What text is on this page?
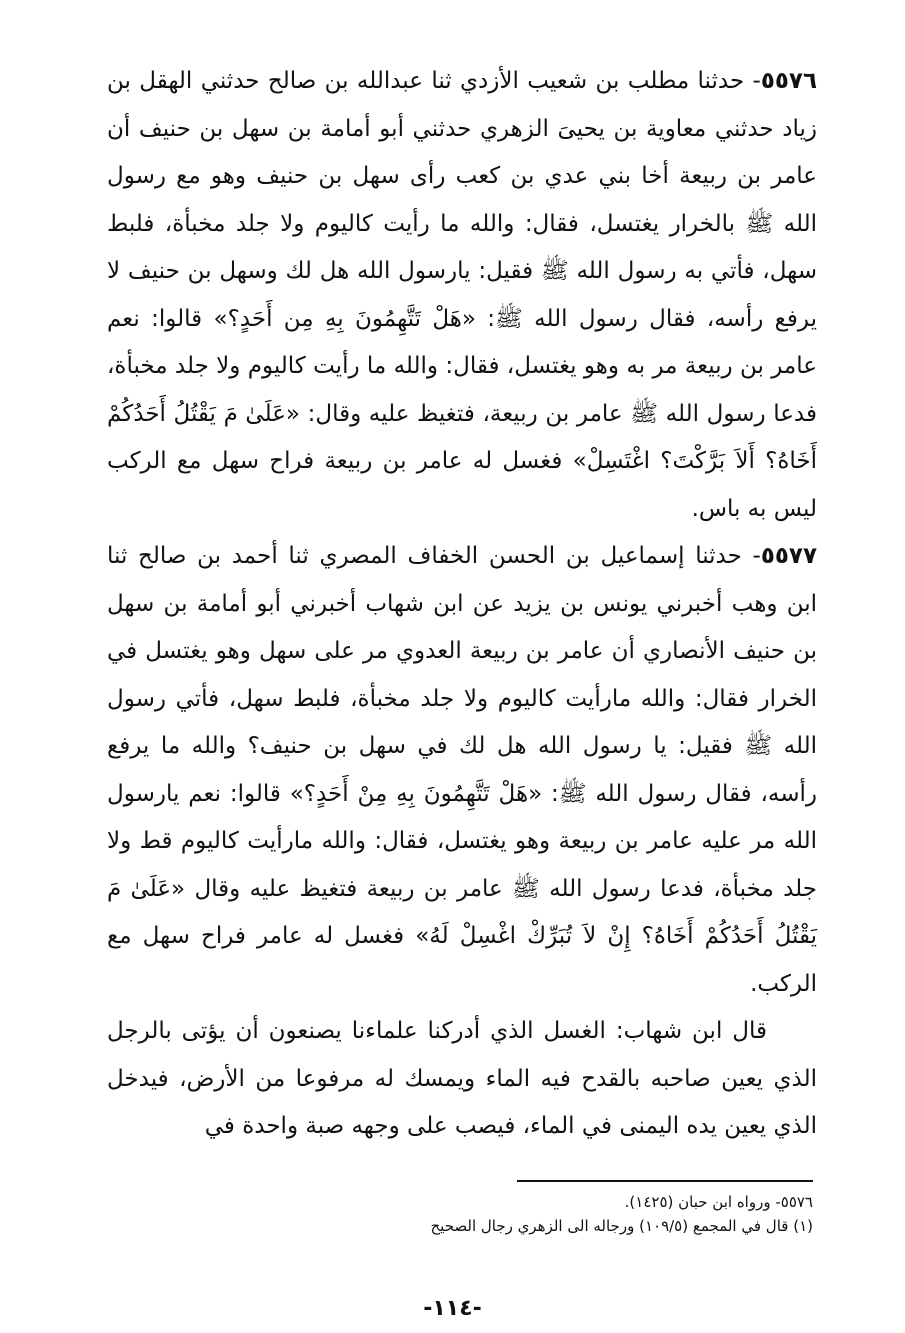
٥٥٧٦- حدثنا مطلب بن شعيب الأزدي ثنا عبدالله بن صالح حدثني الهقل بن زياد حدثني معاوية بن يحيىَ الزهري حدثني أبو أمامة بن سهل بن حنيف أن عامر بن ربيعة أخا بني عدي بن كعب رأى سهل بن حنيف وهو مع رسول الله ﷺ بالخرار يغتسل، فقال: والله ما رأيت كاليوم ولا جلد مخبأة، فلبط سهل، فأتي به رسول الله ﷺ فقيل: يارسول الله هل لك وسهل بن حنيف لا يرفع رأسه، فقال رسول الله ﷺ: «هَلْ تَتَّهِمُونَ بِهِ مِن أَحَدٍ؟» قالوا: نعم عامر بن ربيعة مر به وهو يغتسل، فقال: والله ما رأيت كاليوم ولا جلد مخبأة، فدعا رسول الله ﷺ عامر بن ربيعة، فتغيظ عليه وقال: «عَلَىٰ مَ يَقْتُلُ أَحَدُكُمْ أَخَاهُ؟ أَلاَ بَرَّكْتَ؟ اغْتَسِلْ» فغسل له عامر بن ربيعة فراح سهل مع الركب ليس به باس.

٥٥٧٧- حدثنا إسماعيل بن الحسن الخفاف المصري ثنا أحمد بن صالح ثنا ابن وهب أخبرني يونس بن يزيد عن ابن شهاب أخبرني أبو أمامة بن سهل بن حنيف الأنصاري أن عامر بن ربيعة العدوي مر على سهل وهو يغتسل في الخرار فقال: والله مارأيت كاليوم ولا جلد مخبأة، فلبط سهل، فأتي رسول الله ﷺ فقيل: يا رسول الله هل لك في سهل بن حنيف؟ والله ما يرفع رأسه، فقال رسول الله ﷺ: «هَلْ تَتَّهِمُونَ بِهِ مِنْ أَحَدٍ؟» قالوا: نعم يارسول الله مر عليه عامر بن ربيعة وهو يغتسل، فقال: والله مارأيت كاليوم قط ولا جلد مخبأة، فدعا رسول الله ﷺ عامر بن ربيعة فتغيظ عليه وقال «عَلَىٰ مَ يَقْتُلُ أَحَدُكُمْ أَخَاهُ؟ إِنْ لاَ تُبَرِّكْ اغْسِلْ لَهُ» فغسل له عامر فراح سهل مع الركب.

قال ابن شهاب: الغسل الذي أدركنا علماءنا يصنعون أن يؤتى بالرجل الذي يعين صاحبه بالقدح فيه الماء ويمسك له مرفوعا من الأرض، فيدخل الذي يعين يده اليمنى في الماء، فيصب على وجهه صبة واحدة في

٥٥٧٦- ورواه ابن حبان (١٤٢٥).

(١) قال في المجمع (١٠٩/٥) ورجاله الى الزهري رجال الصحيح

-١١٤-
